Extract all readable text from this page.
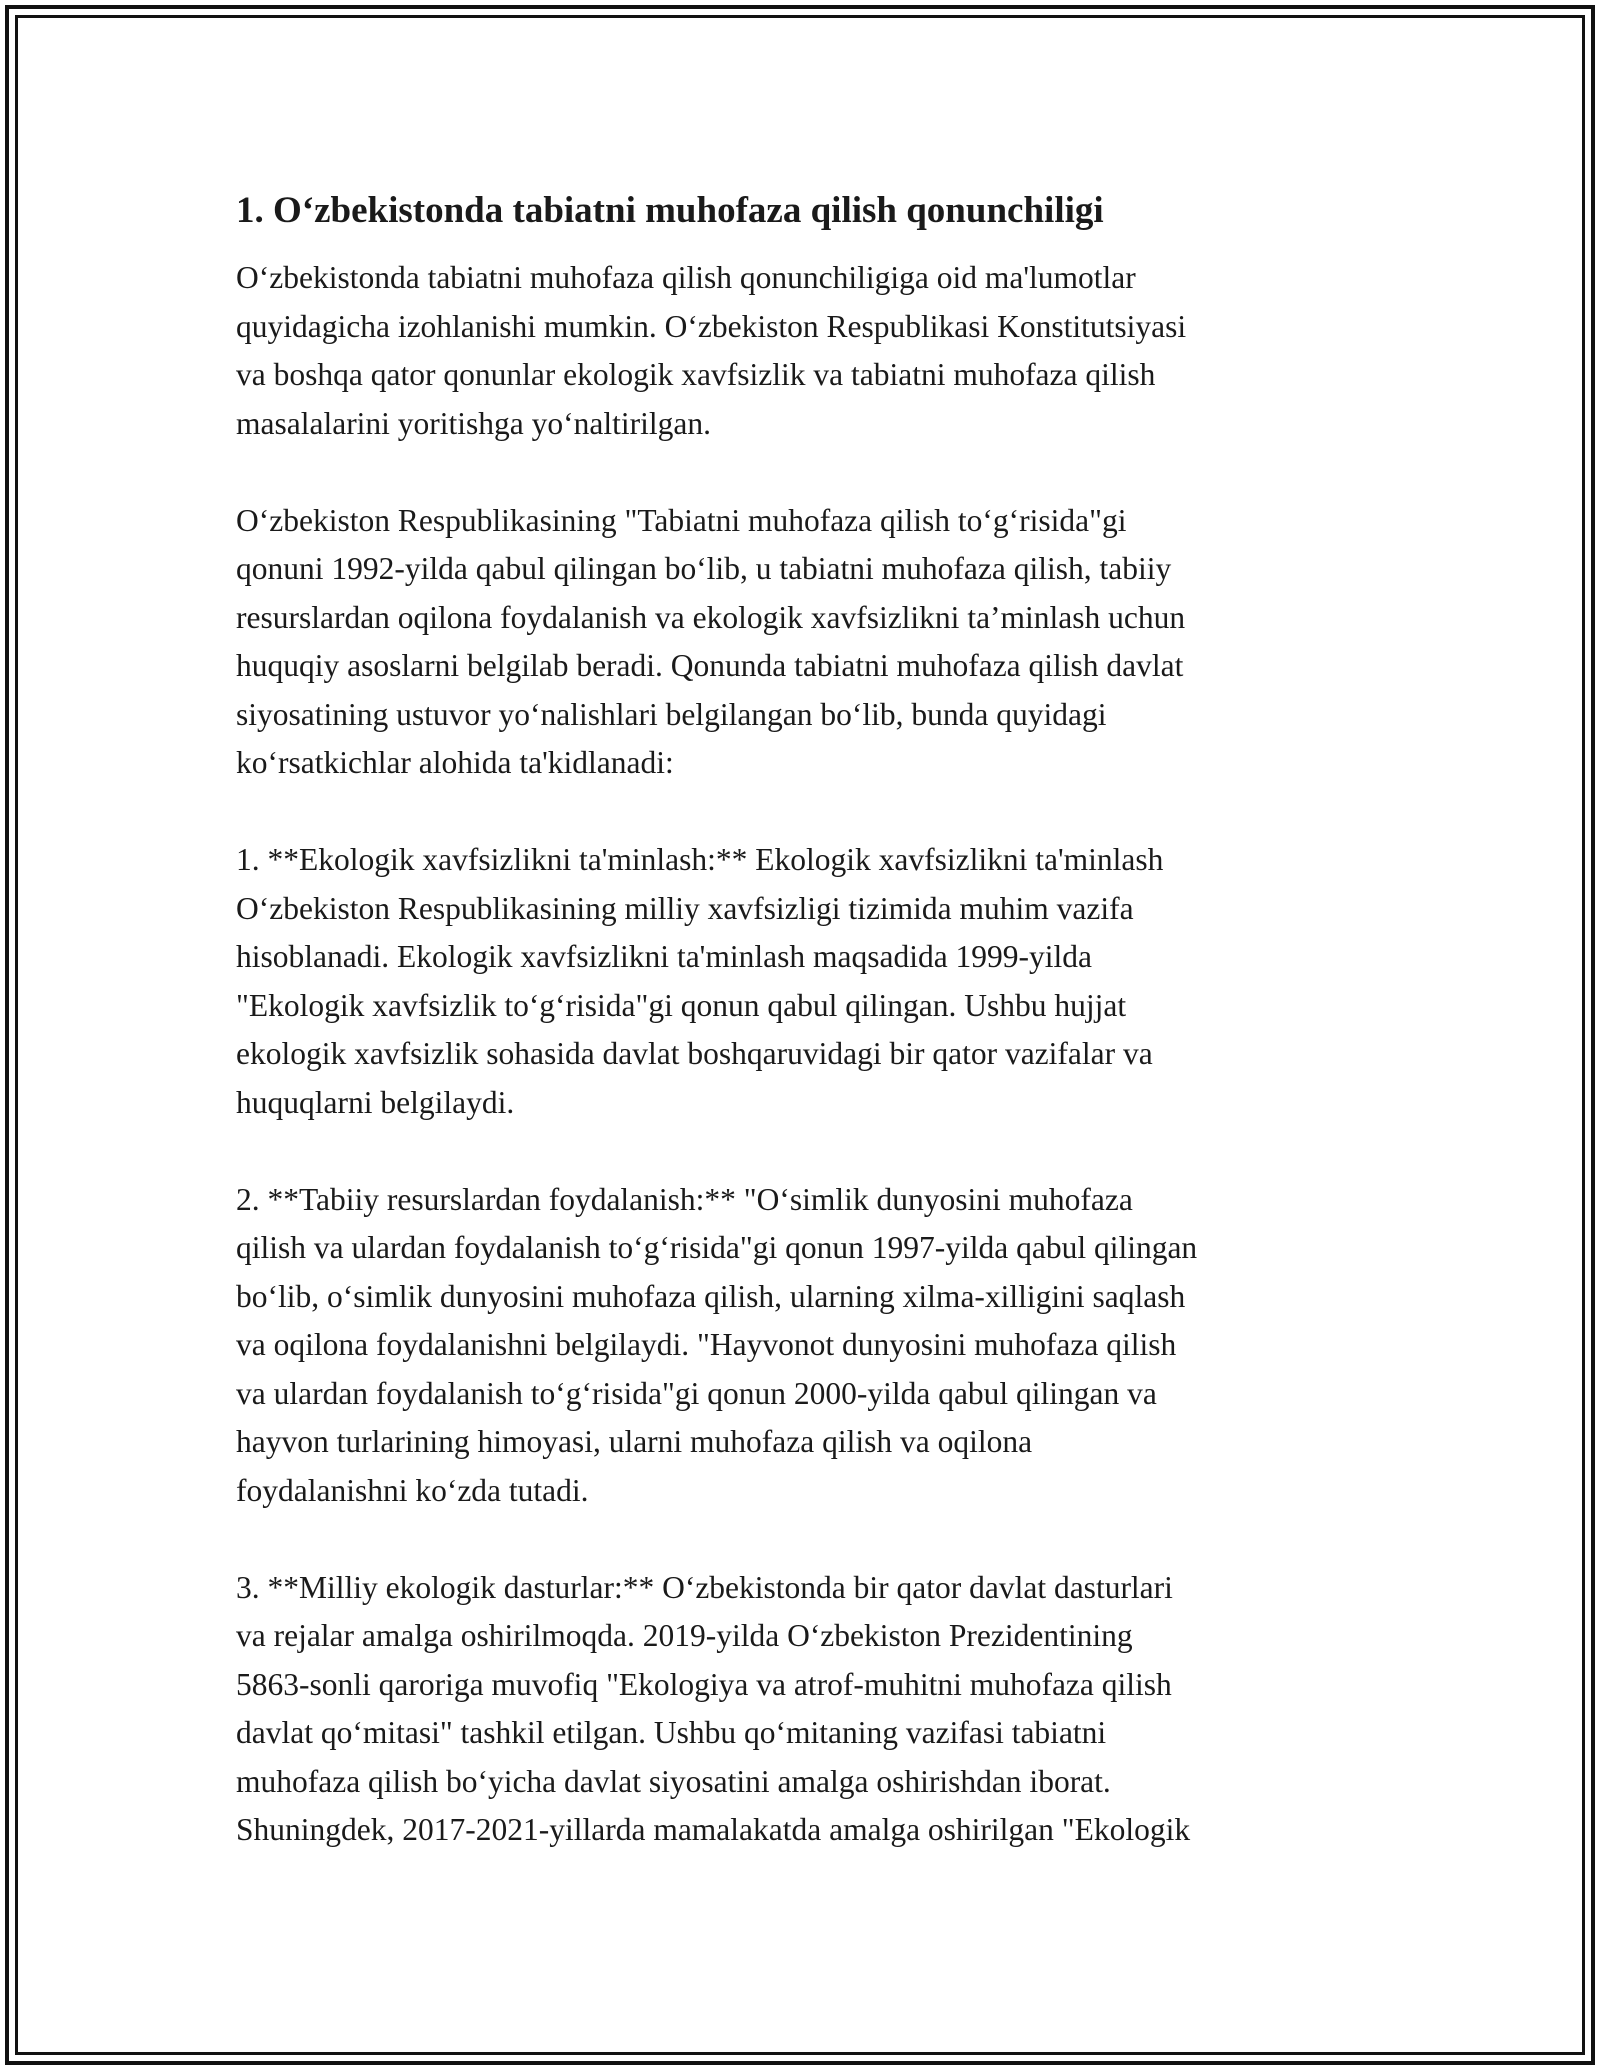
1. O‘zbekistonda tabiatni muhofaza qilish qonunchiligi
O‘zbekistonda tabiatni muhofaza qilish qonunchiligiga oid ma'lumotlar
quyidagicha izohlanishi mumkin. O‘zbekiston Respublikasi Konstitutsiyasi
va boshqa qator qonunlar ekologik xavfsizlik va tabiatni muhofaza qilish
masalalarini yoritishga yo‘naltirilgan.
O‘zbekiston Respublikasining "Tabiatni muhofaza qilish to‘g‘risida"gi
qonuni 1992-yilda qabul qilingan bo‘lib, u tabiatni muhofaza qilish, tabiiy
resurslardan oqilona foydalanish va ekologik xavfsizlikni ta’minlash uchun
huquqiy asoslarni belgilab beradi. Qonunda tabiatni muhofaza qilish davlat
siyosatining ustuvor yo‘nalishlari belgilangan bo‘lib, bunda quyidagi
ko‘rsatkichlar alohida ta'kidlanadi:
1. **Ekologik xavfsizlikni ta'minlash:** Ekologik xavfsizlikni ta'minlash
O‘zbekiston Respublikasining milliy xavfsizligi tizimida muhim vazifa
hisoblanadi. Ekologik xavfsizlikni ta'minlash maqsadida 1999-yilda
"Ekologik xavfsizlik to‘g‘risida"gi qonun qabul qilingan. Ushbu hujjat
ekologik xavfsizlik sohasida davlat boshqaruvidagi bir qator vazifalar va
huquqlarni belgilaydi.
2. **Tabiiy resurslardan foydalanish:** "O‘simlik dunyosini muhofaza
qilish va ulardan foydalanish to‘g‘risida"gi qonun 1997-yilda qabul qilingan
bo‘lib, o‘simlik dunyosini muhofaza qilish, ularning xilma-xilligini saqlash
va oqilona foydalanishni belgilaydi. "Hayvonot dunyosini muhofaza qilish
va ulardan foydalanish to‘g‘risida"gi qonun 2000-yilda qabul qilingan va
hayvon turlarining himoyasi, ularni muhofaza qilish va oqilona
foydalanishni ko‘zda tutadi.
3. **Milliy ekologik dasturlar:** O‘zbekistonda bir qator davlat dasturlari
va rejalar amalga oshirilmoqda. 2019-yilda O‘zbekiston Prezidentining
5863-sonli qaroriga muvofiq "Ekologiya va atrof-muhitni muhofaza qilish
davlat qo‘mitasi" tashkil etilgan. Ushbu qo‘mitaning vazifasi tabiatni
muhofaza qilish bo‘yicha davlat siyosatini amalga oshirishdan iborat.
Shuningdek, 2017-2021-yillarda mamalakatda amalga oshirilgan "Ekologik
